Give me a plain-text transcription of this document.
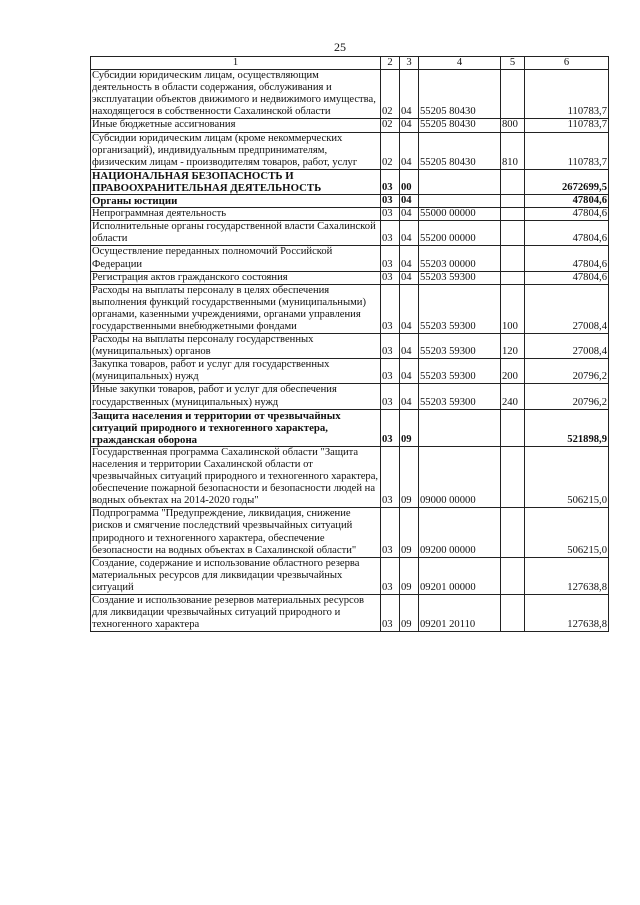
25
1	2	3	4	5	6
Субсидии юридическим лицам, осуществляющим деятельность в области содержания, обслуживания и эксплуатации объектов движимого и недвижимого имущества, находящегося в собственности Сахалинской области	02	04	55205 80430		110783,7
Иные бюджетные ассигнования	02	04	55205 80430	800	110783,7
Субсидии юридическим лицам (кроме некоммерческих организаций), индивидуальным предпринимателям, физическим лицам - производителям товаров, работ, услуг	02	04	55205 80430	810	110783,7
НАЦИОНАЛЬНАЯ БЕЗОПАСНОСТЬ И ПРАВООХРАНИТЕЛЬНАЯ ДЕЯТЕЛЬНОСТЬ	03	00			2672699,5
Органы юстиции	03	04			47804,6
Непрограммная деятельность	03	04	55000 00000		47804,6
Исполнительные органы государственной власти Сахалинской области	03	04	55200 00000		47804,6
Осуществление переданных полномочий Российской Федерации	03	04	55203 00000		47804,6
Регистрация актов гражданского состояния	03	04	55203 59300		47804,6
Расходы на выплаты персоналу в целях обеспечения выполнения функций государственными (муниципальными) органами, казенными учреждениями, органами управления государственными внебюджетными фондами	03	04	55203 59300	100	27008,4
Расходы на выплаты персоналу государственных (муниципальных) органов	03	04	55203 59300	120	27008,4
Закупка товаров, работ и услуг для государственных (муниципальных) нужд	03	04	55203 59300	200	20796,2
Иные закупки товаров, работ и услуг для обеспечения государственных (муниципальных) нужд	03	04	55203 59300	240	20796,2
Защита населения и территории от чрезвычайных ситуаций природного и техногенного характера, гражданская оборона	03	09			521898,9
Государственная программа Сахалинской области "Защита населения и территории Сахалинской области от чрезвычайных ситуаций природного и техногенного характера, обеспечение пожарной безопасности и безопасности людей на водных объектах на 2014-2020 годы"	03	09	09000 00000		506215,0
Подпрограмма "Предупреждение, ликвидация, снижение рисков и смягчение последствий чрезвычайных ситуаций природного и техногенного характера, обеспечение безопасности на водных объектах в Сахалинской области"	03	09	09200 00000		506215,0
Создание, содержание и использование областного резерва материальных ресурсов для ликвидации чрезвычайных ситуаций	03	09	09201 00000		127638,8
Создание и использование резервов материальных ресурсов для ликвидации чрезвычайных ситуаций природного и техногенного характера	03	09	09201 20110		127638,8
